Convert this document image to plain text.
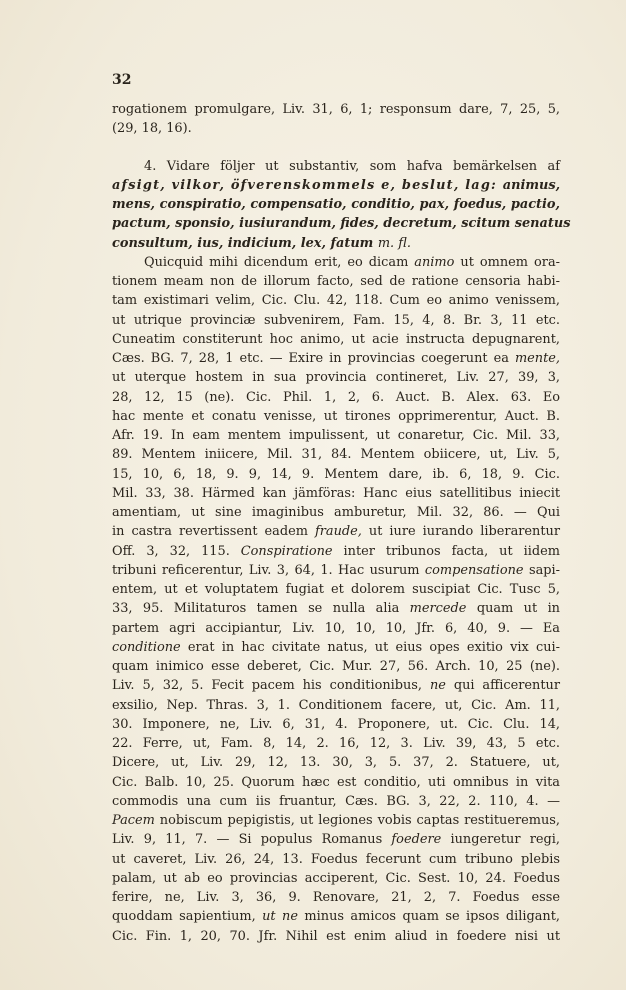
32
rogationem promulgare, Liv. 31, 6, 1; responsum dare, 7, 25, 5,
(29, 18, 16).
4. Vidare följer ut substantiv, som hafva bemärkelsen af
afsigt, vilkor, öfverenskommels e, beslut, lag: animus,
mens, conspiratio, compensatio, conditio, pax, foedus, pactio,
pactum, sponsio, iusiurandum, fides, decretum, scitum senatus
consultum, ius, indicium, lex, fatum m. fl.
Quicquid mihi dicendum erit, eo dicam animo ut omnem ora-
tionem meam non de illorum facto, sed de ratione censoria habi-
tam existimari velim, Cic. Clu. 42, 118. Cum eo animo venissem,
ut utrique provinciæ subvenirem, Fam. 15, 4, 8. Br. 3, 11 etc.
Cuneatim constiterunt hoc animo, ut acie instructa depugnarent,
Cæs. BG. 7, 28, 1 etc. — Exire in provincias coegerunt ea mente,
ut uterque hostem in sua provincia contineret, Liv. 27, 39, 3,
28, 12, 15 (ne). Cic. Phil. 1, 2, 6. Auct. B. Alex. 63. Eo
hac mente et conatu venisse, ut tirones opprimerentur, Auct. B.
Afr. 19. In eam mentem impulissent, ut conaretur, Cic. Mil. 33,
89. Mentem iniicere, Mil. 31, 84. Mentem obiicere, ut, Liv. 5,
15, 10, 6, 18, 9. 9, 14, 9. Mentem dare, ib. 6, 18, 9. Cic.
Mil. 33, 38. Härmed kan jämföras: Hanc eius satellitibus iniecit
amentiam, ut sine imaginibus amburetur, Mil. 32, 86. — Qui
in castra revertissent eadem fraude, ut iure iurando liberarentur
Off. 3, 32, 115. Conspiratione inter tribunos facta, ut iidem
tribuni reficerentur, Liv. 3, 64, 1. Hac usurum compensatione sapi-
entem, ut et voluptatem fugiat et dolorem suscipiat Cic. Tusc 5,
33, 95. Militaturos tamen se nulla alia mercede quam ut in
partem agri accipiantur, Liv. 10, 10, 10, Jfr. 6, 40, 9. — Ea
conditione erat in hac civitate natus, ut eius opes exitio vix cui-
quam inimico esse deberet, Cic. Mur. 27, 56. Arch. 10, 25 (ne).
Liv. 5, 32, 5. Fecit pacem his conditionibus, ne qui afficerentur
exsilio, Nep. Thras. 3, 1. Conditionem facere, ut, Cic. Am. 11,
30. Imponere, ne, Liv. 6, 31, 4. Proponere, ut. Cic. Clu. 14,
22. Ferre, ut, Fam. 8, 14, 2. 16, 12, 3. Liv. 39, 43, 5 etc.
Dicere, ut, Liv. 29, 12, 13. 30, 3, 5. 37, 2. Statuere, ut,
Cic. Balb. 10, 25. Quorum hæc est conditio, uti omnibus in vita
commodis una cum iis fruantur, Cæs. BG. 3, 22, 2. 110, 4. —
Pacem nobiscum pepigistis, ut legiones vobis captas restitueremus,
Liv. 9, 11, 7. — Si populus Romanus foedere iungeretur regi,
ut caveret, Liv. 26, 24, 13. Foedus fecerunt cum tribuno plebis
palam, ut ab eo provincias acciperent, Cic. Sest. 10, 24. Foedus
ferire, ne, Liv. 3, 36, 9. Renovare, 21, 2, 7. Foedus esse
quoddam sapientium, ut ne minus amicos quam se ipsos diligant,
Cic. Fin. 1, 20, 70. Jfr. Nihil est enim aliud in foedere nisi ut
